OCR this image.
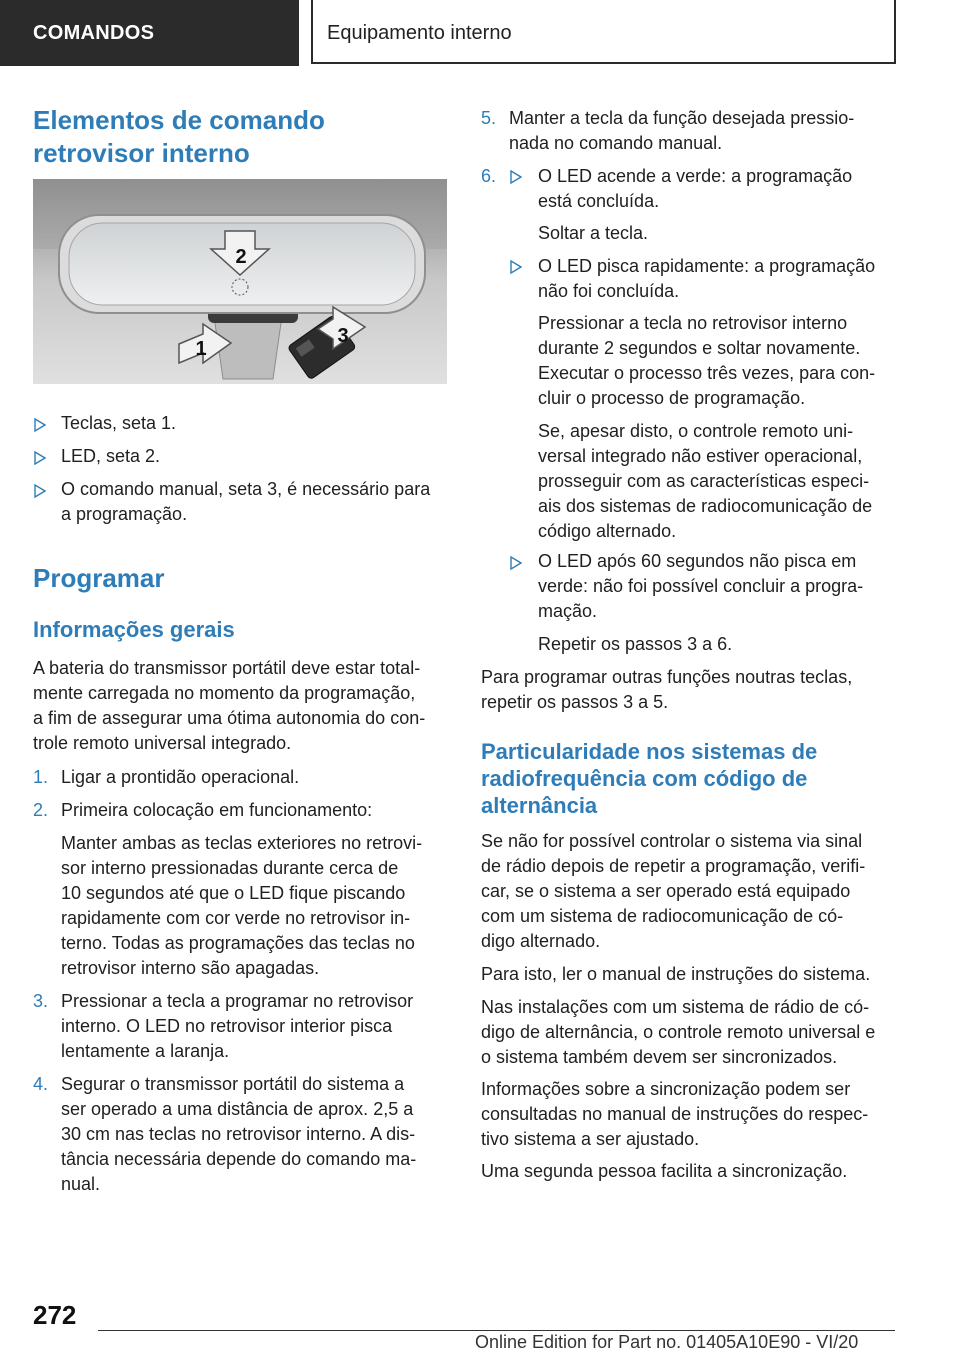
COMANDOS	Equipamento interno
Elementos de comando
retrovisor interno
2
1
3
Teclas, seta 1.
LED, seta 2.
O comando manual, seta 3, é necessário para
a programação.
Programar
Informações gerais
A bateria do transmissor portátil deve estar total-
mente carregada no momento da programação,
a fim de assegurar uma ótima autonomia do con-
trole remoto universal integrado.
1. Ligar a prontidão operacional.
2. Primeira colocação em funcionamento:
Manter ambas as teclas exteriores no retrovi-
sor interno pressionadas durante cerca de
10 segundos até que o LED fique piscando
rapidamente com cor verde no retrovisor in-
terno. Todas as programações das teclas no
retrovisor interno são apagadas.
3. Pressionar a tecla a programar no retrovisor
interno. O LED no retrovisor interior pisca
lentamente a laranja.
4. Segurar o transmissor portátil do sistema a
ser operado a uma distância de aprox. 2,5 a
30 cm nas teclas no retrovisor interno. A dis-
tância necessária depende do comando ma-
nual.
5. Manter a tecla da função desejada pressio-
nada no comando manual.
6. O LED acende a verde: a programação
está concluída.
Soltar a tecla.
O LED pisca rapidamente: a programação
não foi concluída.
Pressionar a tecla no retrovisor interno
durante 2 segundos e soltar novamente.
Executar o processo três vezes, para con-
cluir o processo de programação.
Se, apesar disto, o controle remoto uni-
versal integrado não estiver operacional,
prosseguir com as características especi-
ais dos sistemas de radiocomunicação de
código alternado.
O LED após 60 segundos não pisca em
verde: não foi possível concluir a progra-
mação.
Repetir os passos 3 a 6.
Para programar outras funções noutras teclas,
repetir os passos 3 a 5.
Particularidade nos sistemas de
radiofrequência com código de
alternância
Se não for possível controlar o sistema via sinal
de rádio depois de repetir a programação, verifi-
car, se o sistema a ser operado está equipado
com um sistema de radiocomunicação de có-
digo alternado.
Para isto, ler o manual de instruções do sistema.
Nas instalações com um sistema de rádio de có-
digo de alternância, o controle remoto universal e
o sistema também devem ser sincronizados.
Informações sobre a sincronização podem ser
consultadas no manual de instruções do respec-
tivo sistema a ser ajustado.
Uma segunda pessoa facilita a sincronização.
272
Online Edition for Part no. 01405A10E90 - VI/20
